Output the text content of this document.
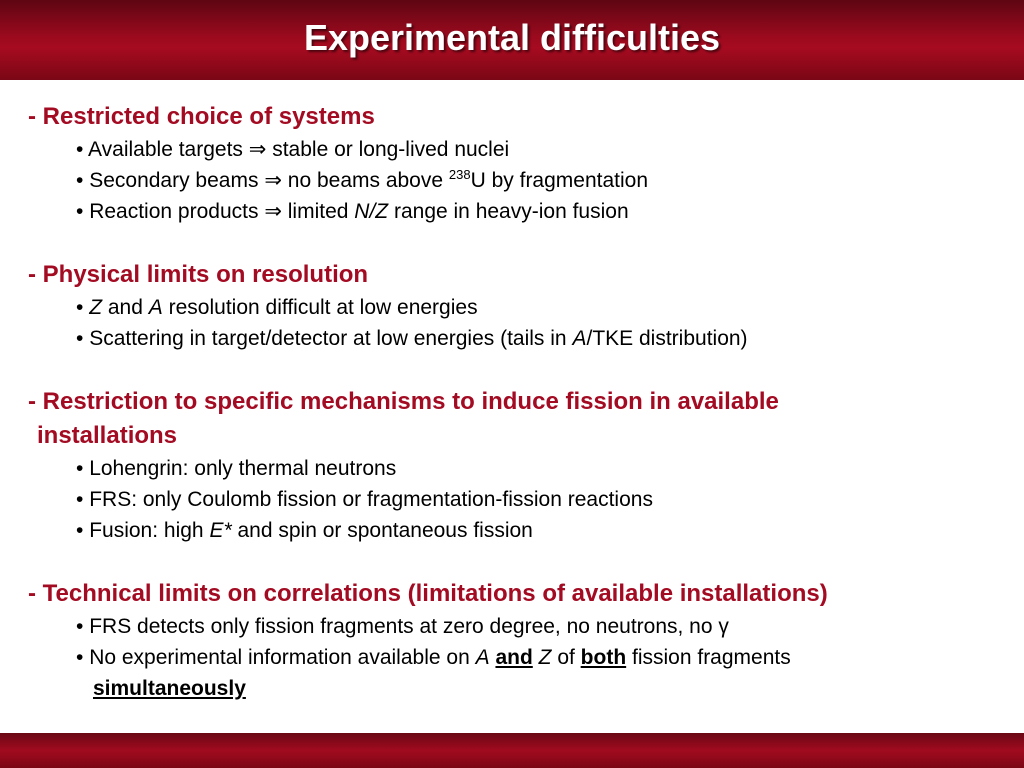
Experimental difficulties

- Restricted choice of systems

• Available targets ⇒ stable or long-lived nuclei
• Secondary beams ⇒ no beams above $^{238}$U by fragmentation
• Reaction products ⇒ limited N/Z range in heavy-ion fusion

- Physical limits on resolution

• Z and A resolution difficult at low energies
• Scattering in target/detector at low energies (tails in A/TKE distribution)

- Restriction to specific mechanisms to induce fission in available
installations

• Lohengrin: only thermal neutrons
• FRS: only Coulomb fission or fragmentation-fission reactions
• Fusion: high E* and spin or spontaneous fission

- Technical limits on correlations (limitations of available installations)

• FRS detects only fission fragments at zero degree, no neutrons, no γ
• No experimental information available on A and Z of both fission fragments
simultaneously
